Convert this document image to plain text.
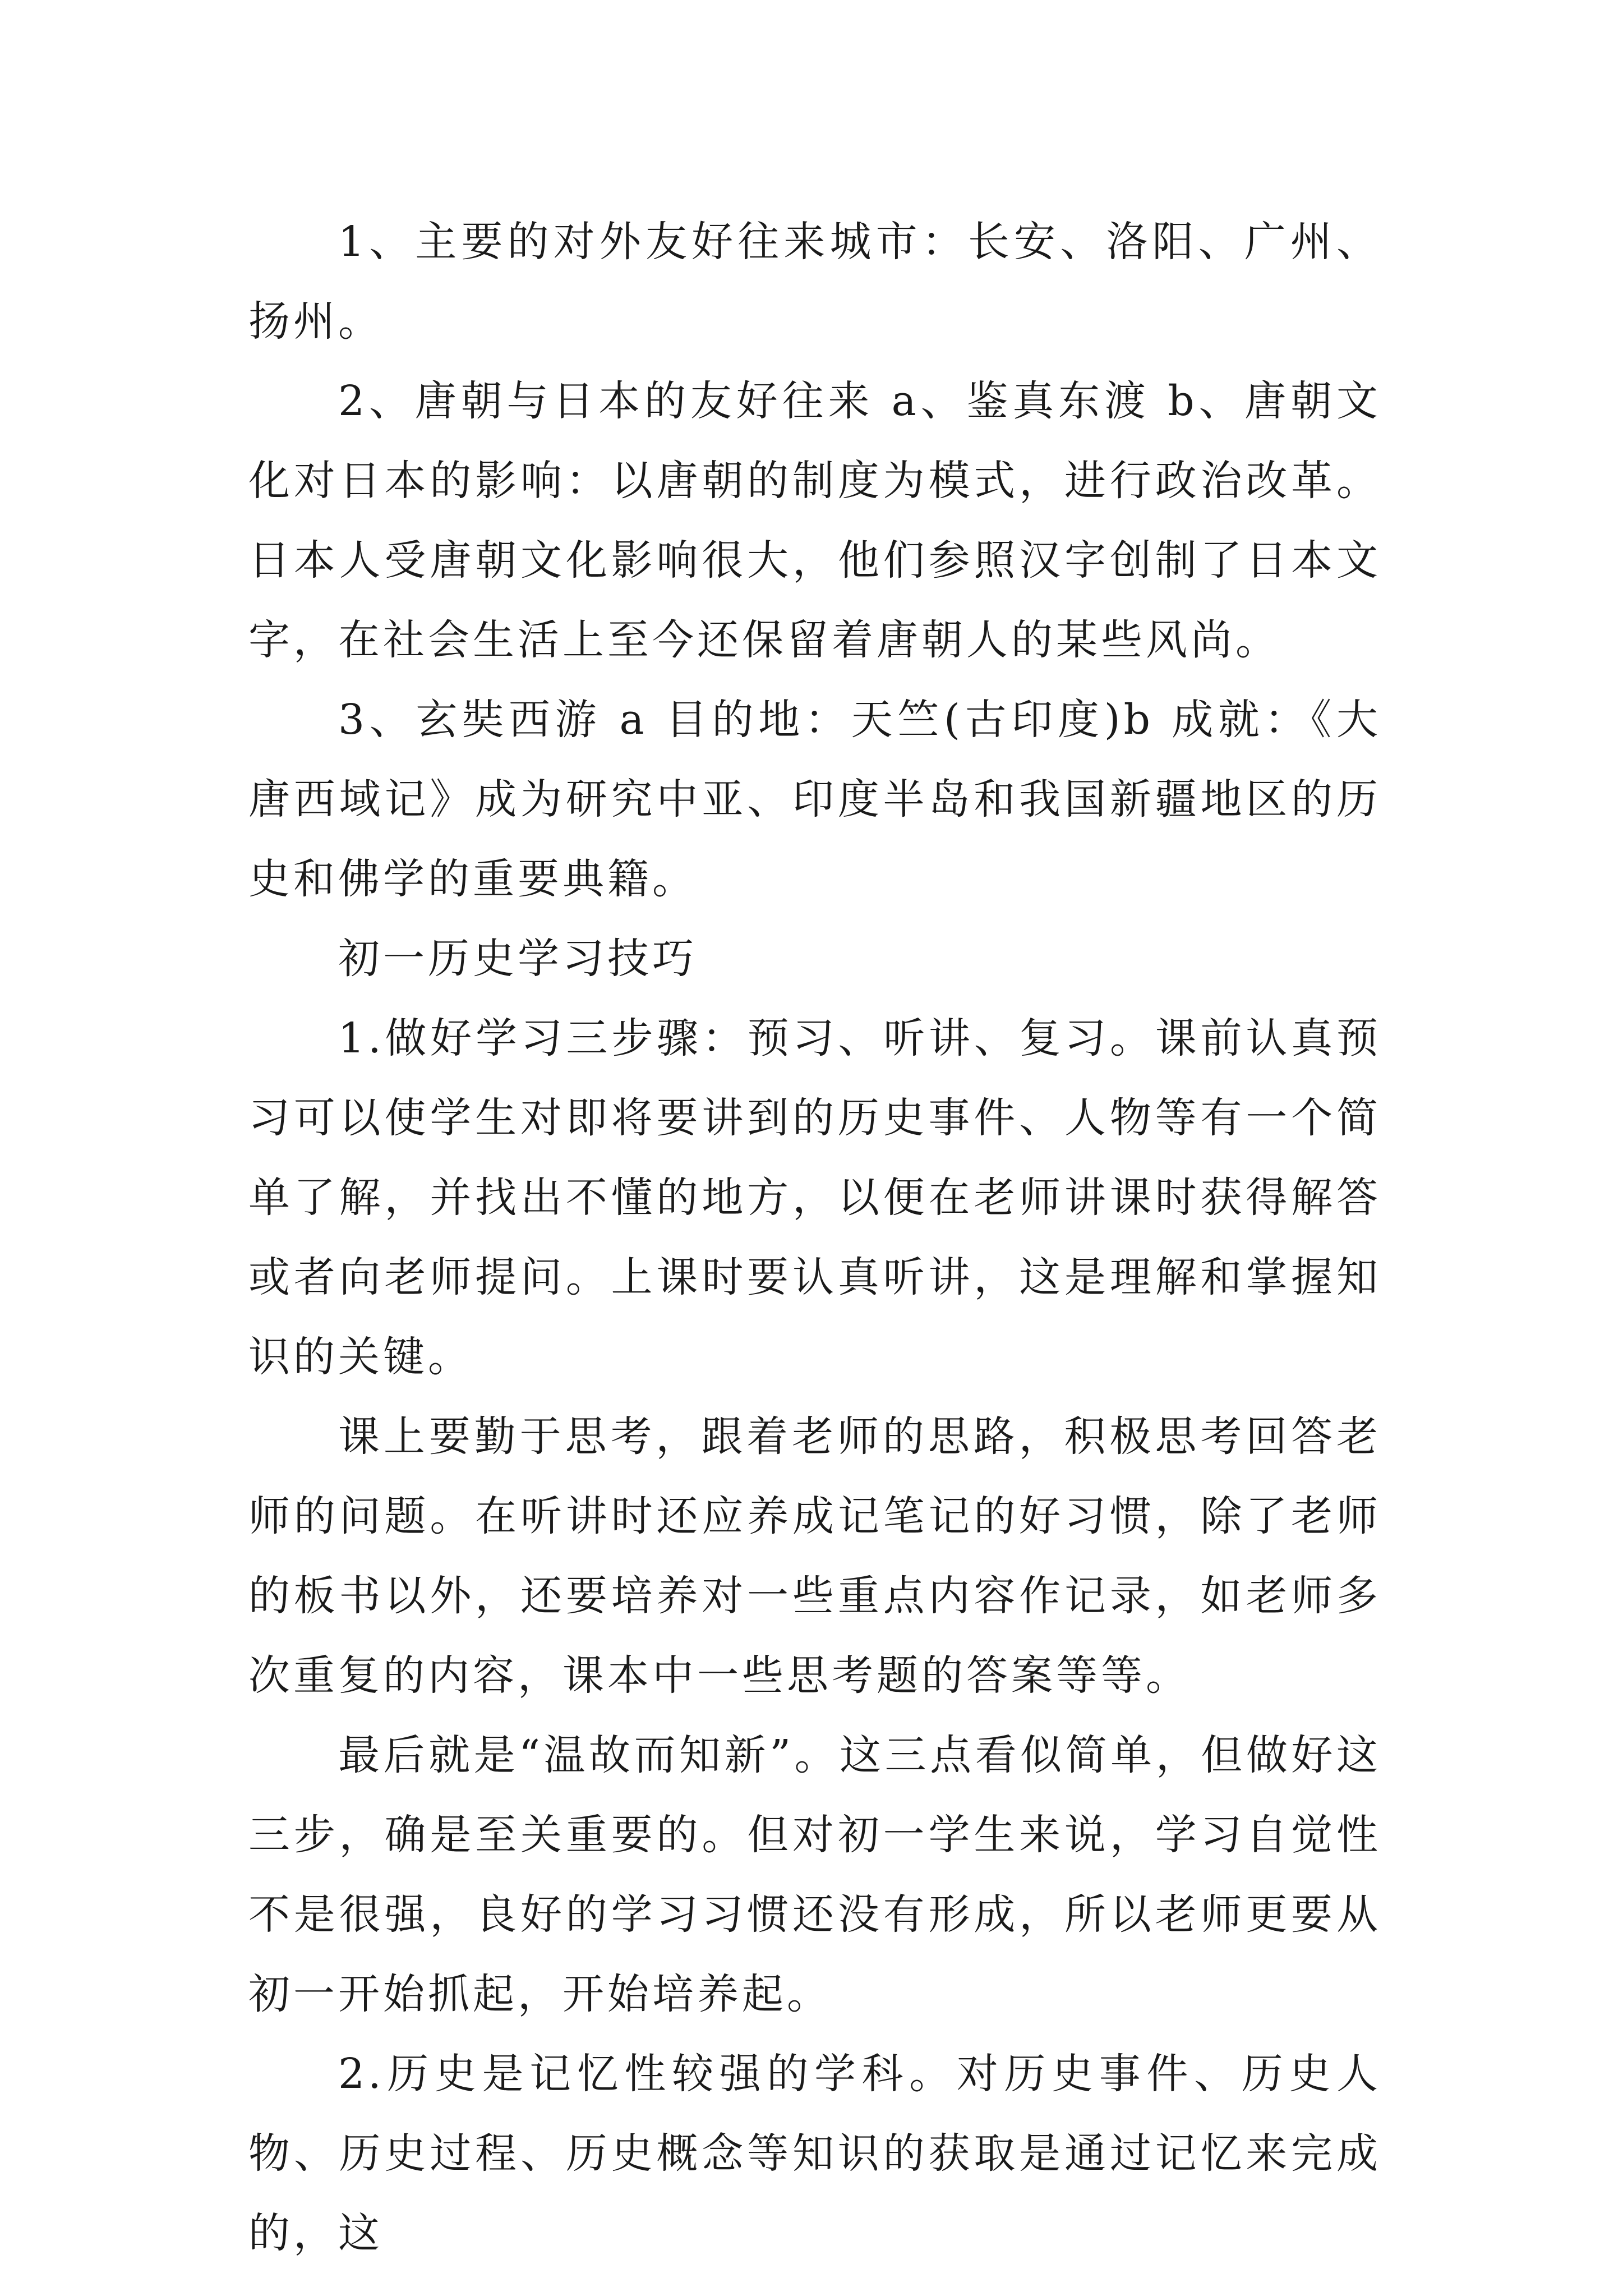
1、主要的对外友好往来城市：长安、洛阳、广州、扬州。

2、唐朝与日本的友好往来 a、鉴真东渡 b、唐朝文化对日本的影响：以唐朝的制度为模式，进行政治改革。日本人受唐朝文化影响很大，他们参照汉字创制了日本文字，在社会生活上至今还保留着唐朝人的某些风尚。

3、玄奘西游 a 目的地：天竺(古印度)b 成就：《大唐西域记》成为研究中亚、印度半岛和我国新疆地区的历史和佛学的重要典籍。

初一历史学习技巧

1.做好学习三步骤：预习、听讲、复习。课前认真预习可以使学生对即将要讲到的历史事件、人物等有一个简单了解，并找出不懂的地方，以便在老师讲课时获得解答或者向老师提问。上课时要认真听讲，这是理解和掌握知识的关键。

课上要勤于思考，跟着老师的思路，积极思考回答老师的问题。在听讲时还应养成记笔记的好习惯，除了老师的板书以外，还要培养对一些重点内容作记录，如老师多次重复的内容，课本中一些思考题的答案等等。

最后就是“温故而知新”。这三点看似简单，但做好这三步，确是至关重要的。但对初一学生来说，学习自觉性不是很强，良好的学习习惯还没有形成，所以老师更要从初一开始抓起，开始培养起。

2.历史是记忆性较强的学科。对历史事件、历史人物、历史过程、历史概念等知识的获取是通过记忆来完成的，这
